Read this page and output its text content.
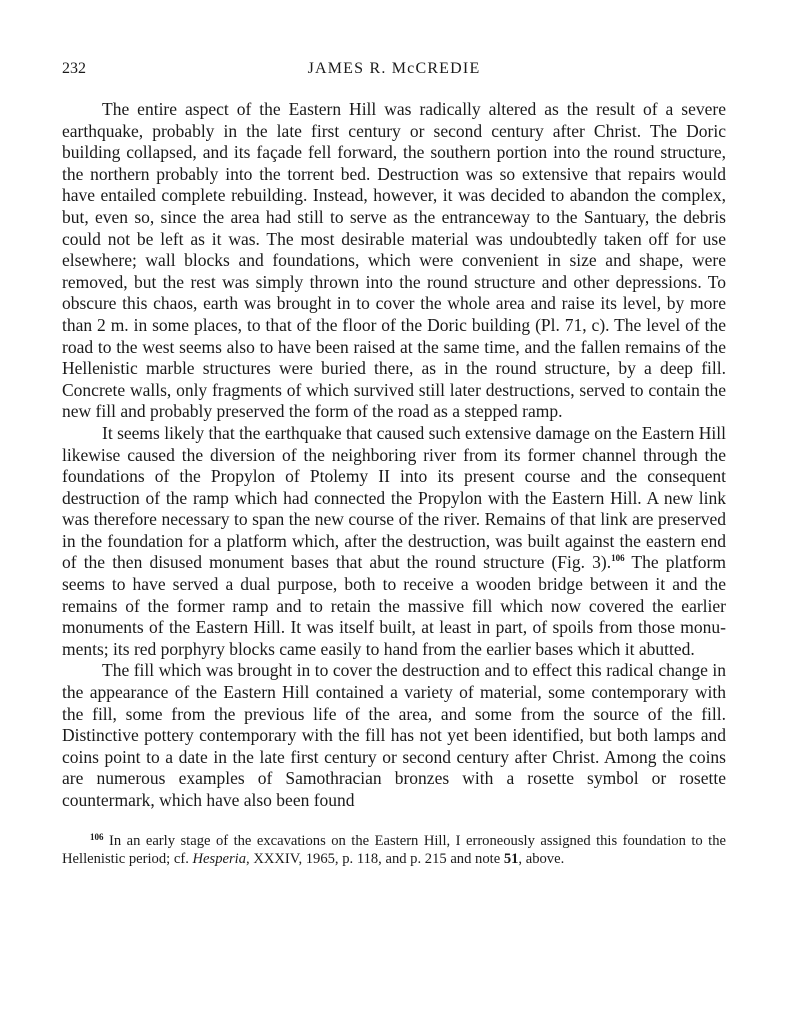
232	JAMES R. McCREDIE

The entire aspect of the Eastern Hill was radically altered as the result of a severe earthquake, probably in the late first century or second century after Christ. The Doric building collapsed, and its façade fell forward, the southern portion into the round structure, the northern probably into the torrent bed. Destruction was so extensive that repairs would have entailed complete rebuilding. Instead, however, it was decided to abandon the complex, but, even so, since the area had still to serve as the entranceway to the Santuary, the debris could not be left as it was. The most desirable material was undoubtedly taken off for use elsewhere; wall blocks and foundations, which were convenient in size and shape, were removed, but the rest was simply thrown into the round structure and other depressions. To obscure this chaos, earth was brought in to cover the whole area and raise its level, by more than 2 m. in some places, to that of the floor of the Doric building (Pl. 71, c). The level of the road to the west seems also to have been raised at the same time, and the fallen remains of the Hellenistic marble structures were buried there, as in the round structure, by a deep fill. Concrete walls, only fragments of which survived still later destructions, served to contain the new fill and probably preserved the form of the road as a stepped ramp.

It seems likely that the earthquake that caused such extensive damage on the Eastern Hill likewise caused the diversion of the neighboring river from its former channel through the foundations of the Propylon of Ptolemy II into its present course and the consequent destruction of the ramp which had connected the Propylon with the Eastern Hill. A new link was therefore necessary to span the new course of the river. Remains of that link are preserved in the foundation for a platform which, after the destruction, was built against the eastern end of the then disused monument bases that abut the round structure (Fig. 3).$^{106}$ The platform seems to have served a dual purpose, both to receive a wooden bridge between it and the remains of the former ramp and to retain the massive fill which now covered the earlier monuments of the Eastern Hill. It was itself built, at least in part, of spoils from those monuments; its red porphyry blocks came easily to hand from the earlier bases which it abutted.

The fill which was brought in to cover the destruction and to effect this radical change in the appearance of the Eastern Hill contained a variety of material, some contemporary with the fill, some from the previous life of the area, and some from the source of the fill. Distinctive pottery contemporary with the fill has not yet been identified, but both lamps and coins point to a date in the late first century or second century after Christ. Among the coins are numerous examples of Samothracian bronzes with a rosette symbol or rosette countermark, which have also been found

$^{106}$ In an early stage of the excavations on the Eastern Hill, I erroneously assigned this foundation to the Hellenistic period; cf. Hesperia, XXXIV, 1965, p. 118, and p. 215 and note 51, above.
